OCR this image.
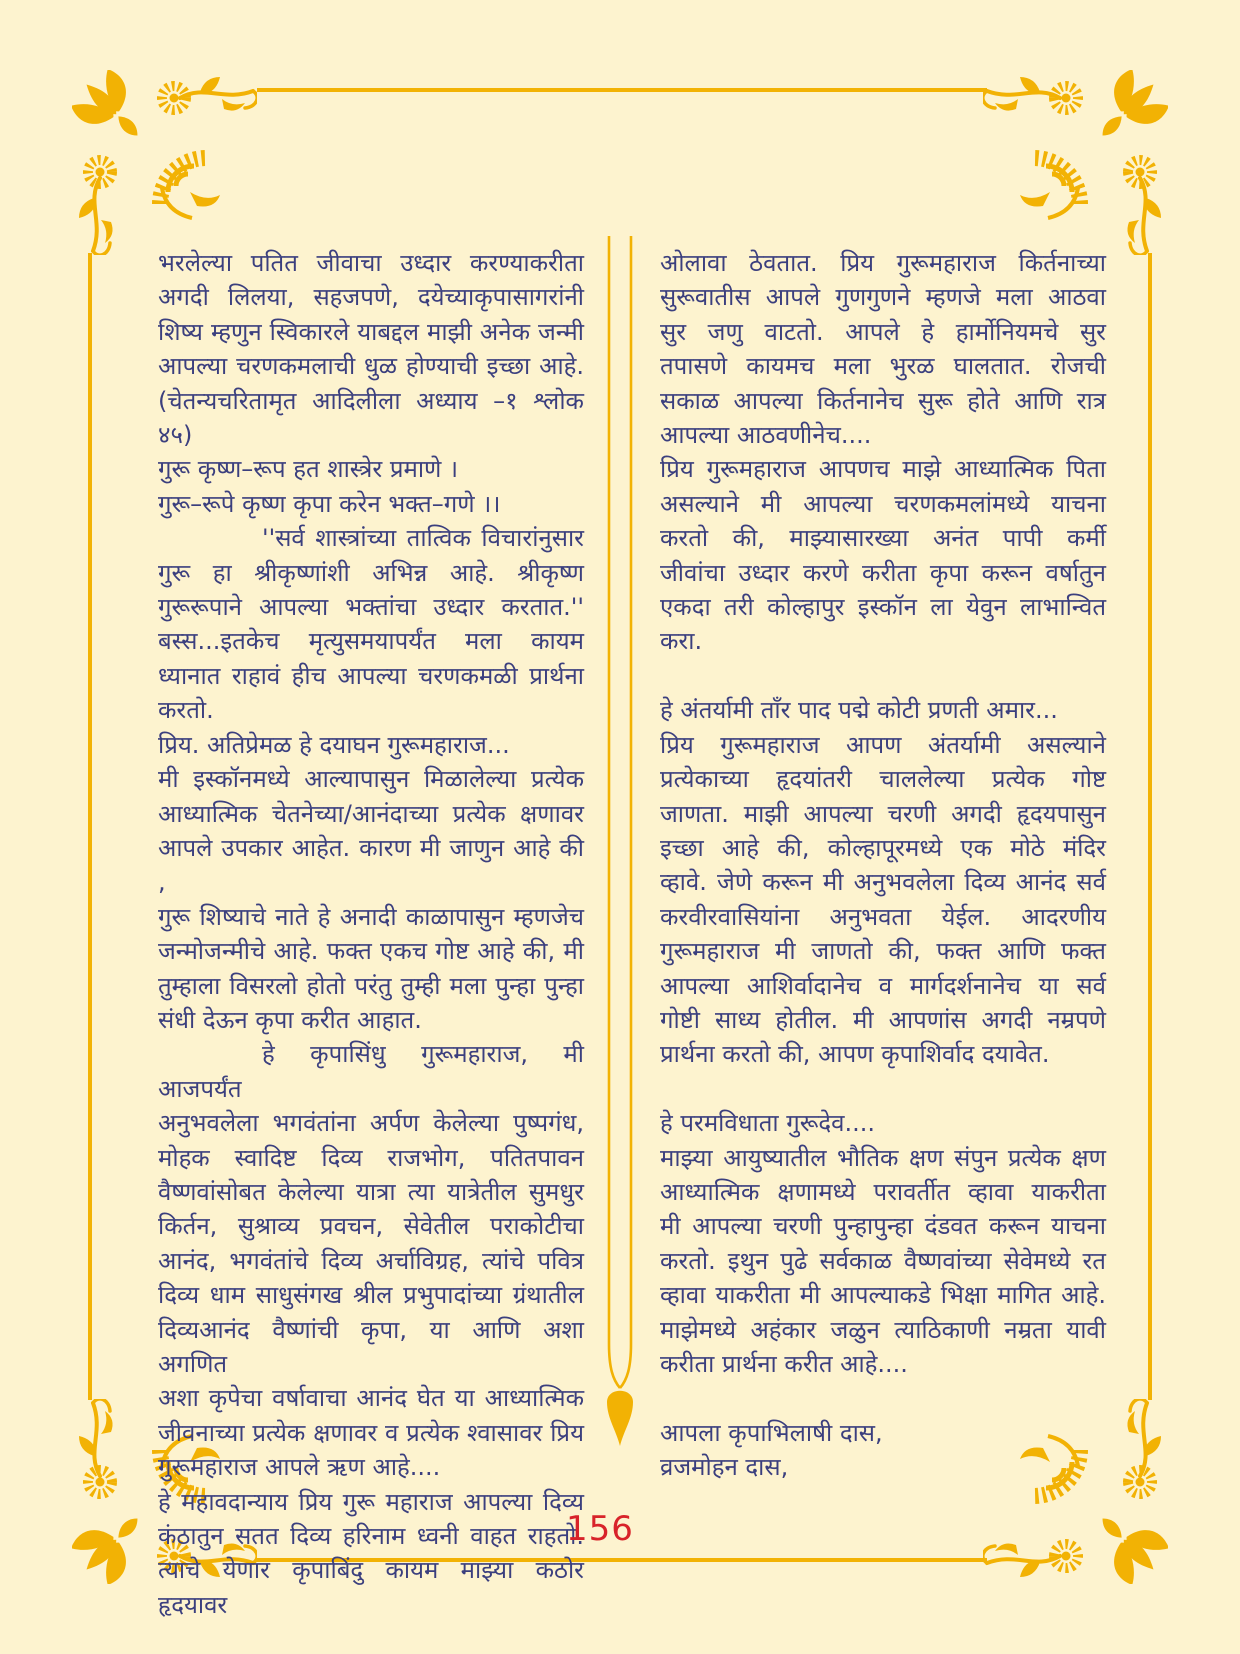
भरलेल्या पतित जीवाचा उध्दार करण्याकरीता
अगदी लिलया, सहजपणे, दयेच्याकृपासागरांनी
शिष्य म्हणुन स्विकारले याबद्दल माझी अनेक जन्मी
आपल्या चरणकमलाची धुळ होण्याची इच्छा आहे.
(चेतन्यचरितामृत आदिलीला अध्याय –१ श्लोक
४५)
गुरू कृष्ण–रूप हत शास्त्रेर प्रमाणे ।
गुरू–रूपे कृष्ण कृपा करेन भक्त–गणे ।।
''सर्व शास्त्रांच्या तात्विक विचारांनुसार
गुरू हा श्रीकृष्णांशी अभिन्न आहे. श्रीकृष्ण
गुरूरूपाने आपल्या भक्तांचा उध्दार करतात.''
बस्स...इतकेच मृत्युसमयापर्यंत मला कायम
ध्यानात राहावं हीच आपल्या चरणकमळी प्रार्थना
करतो.
प्रिय. अतिप्रेमळ हे दयाघन गुरूमहाराज...
मी इस्कॉनमध्ये आल्यापासुन मिळालेल्या प्रत्येक
आध्यात्मिक चेतनेच्या/आनंदाच्या प्रत्येक क्षणावर
आपले उपकार आहेत. कारण मी जाणुन आहे की ,
गुरू शिष्याचे नाते हे अनादी काळापासुन म्हणजेच
जन्मोजन्मीचे आहे. फक्त एकच गोष्ट आहे की, मी
तुम्हाला विसरलो होतो परंतु तुम्ही मला पुन्हा पुन्हा
संधी देऊन कृपा करीत आहात.
हे कृपासिंधु गुरूमहाराज, मी आजपर्यंत
अनुभवलेला भगवंतांना अर्पण केलेल्या पुष्पगंध,
मोहक स्वादिष्ट दिव्य राजभोग, पतितपावन
वैष्णवांसोबत केलेल्या यात्रा त्या यात्रेतील सुमधुर
किर्तन, सुश्राव्य प्रवचन, सेवेतील पराकोटीचा
आनंद, भगवंतांचे दिव्य अर्चाविग्रह, त्यांचे पवित्र
दिव्य धाम साधुसंगख श्रील प्रभुपादांच्या ग्रंथातील
दिव्यआनंद वैष्णांची कृपा, या आणि अशा अगणित
अशा कृपेचा वर्षावाचा आनंद घेत या आध्यात्मिक
जीवनाच्या प्रत्येक क्षणावर व प्रत्येक श्वासावर प्रिय
गुरूमहाराज आपले ऋण आहे....
हे महावदान्याय प्रिय गुरू महाराज आपल्या दिव्य
कंठातुन सतत दिव्य हरिनाम ध्वनी वाहत राहतो.
त्याचे येणार कृपाबिंदु कायम माझ्या कठोर हृदयावर
ओलावा ठेवतात. प्रिय गुरूमहाराज किर्तनाच्या
सुरूवातीस आपले गुणगुणने म्हणजे मला आठवा
सुर जणु वाटतो. आपले हे हार्मोनियमचे सुर
तपासणे कायमच मला भुरळ घालतात. रोजची
सकाळ आपल्या किर्तनानेच सुरू होते आणि रात्र
आपल्या आठवणीनेच....
प्रिय गुरूमहाराज आपणच माझे आध्यात्मिक पिता
असल्याने मी आपल्या चरणकमलांमध्ये याचना
करतो की, माझ्यासारख्या अनंत पापी कर्मी
जीवांचा उध्दार करणे करीता कृपा करून वर्षातुन
एकदा तरी कोल्हापुर इस्कॉन ला येवुन लाभान्वित
करा.

हे अंतर्यामी ताँर पाद पद्मे कोटी प्रणती अमार...
प्रिय गुरूमहाराज आपण अंतर्यामी असल्याने
प्रत्येकाच्या हृदयांतरी चाललेल्या प्रत्येक गोष्ट
जाणता. माझी आपल्या चरणी अगदी हृदयपासुन
इच्छा आहे की, कोल्हापूरमध्ये एक मोठे मंदिर
व्हावे. जेणे करून मी अनुभवलेला दिव्य आनंद सर्व
करवीरवासियांना अनुभवता येईल. आदरणीय
गुरूमहाराज मी जाणतो की, फक्त आणि फक्त
आपल्या आशिर्वादानेच व मार्गदर्शनानेच या सर्व
गोष्टी साध्य होतील. मी आपणांस अगदी नम्रपणे
प्रार्थना करतो की, आपण कृपाशिर्वाद दयावेत.

हे परमविधाता गुरूदेव....
माझ्या आयुष्यातील भौतिक क्षण संपुन प्रत्येक क्षण
आध्यात्मिक क्षणामध्ये परावर्तीत व्हावा याकरीता
मी आपल्या चरणी पुन्हापुन्हा दंडवत करून याचना
करतो. इथुन पुढे सर्वकाळ वैष्णवांच्या सेवेमध्ये रत
व्हावा याकरीता मी आपल्याकडे भिक्षा मागित आहे.
माझेमध्ये अहंकार जळुन त्याठिकाणी नम्रता यावी
करीता प्रार्थना करीत आहे....

आपला कृपाभिलाषी दास,
व्रजमोहन दास,
156
